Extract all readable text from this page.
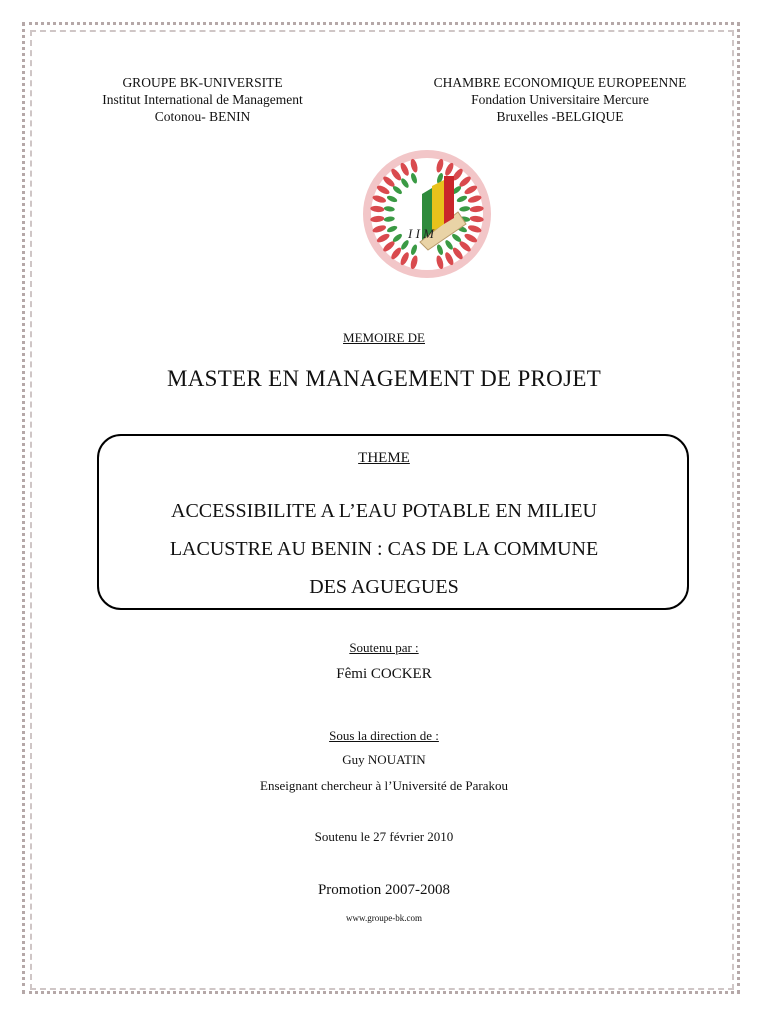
GROUPE BK-UNIVERSITE
Institut International de Management
Cotonou- BENIN
CHAMBRE ECONOMIQUE EUROPEENNE
Fondation Universitaire Mercure
Bruxelles -BELGIQUE
I I M
MEMOIRE DE
MASTER EN MANAGEMENT DE PROJET
THEME
ACCESSIBILITE A L’EAU POTABLE EN MILIEU
LACUSTRE AU BENIN : CAS DE LA COMMUNE
DES AGUEGUES
Soutenu par :
Fêmi COCKER
Sous la direction de :
Guy NOUATIN
Enseignant chercheur à l’Université de Parakou
Soutenu le 27 février 2010
Promotion 2007-2008
www.groupe-bk.com
